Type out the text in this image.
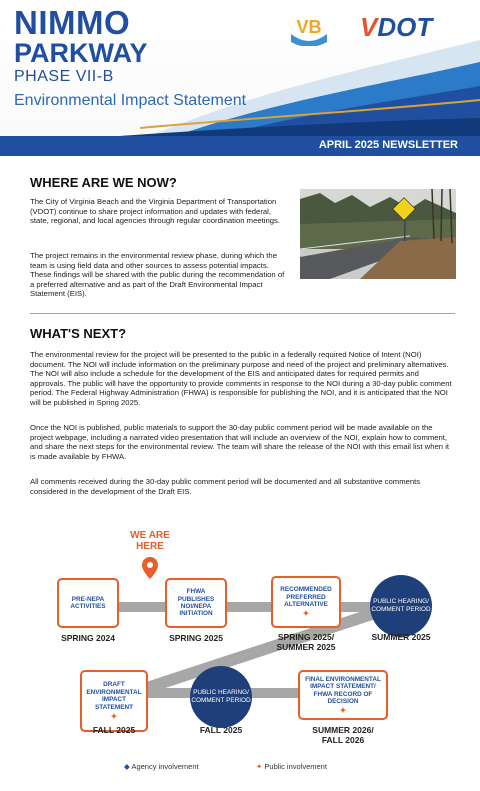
NIMMO
PARKWAY
PHASE VII-B
Environmental Impact Statement
VB VDOT
APRIL 2025 NEWSLETTER
WHERE ARE WE NOW?

The City of Virginia Beach and the Virginia Department of Transportation (VDOT) continue to share project information and updates with federal, state, regional, and local agencies through regular coordination meetings.

The project remains in the environmental review phase, during which the team is using field data and other sources to assess potential impacts. These findings will be shared with the public during the recommendation of a preferred alternative and as part of the Draft Environmental Impact Statement (EIS).

WHAT'S NEXT?

The environmental review for the project will be presented to the public in a federally required Notice of Intent (NOI) document. The NOI will include information on the preliminary purpose and need of the project and preliminary alternatives. The NOI will also include a schedule for the development of the EIS and anticipated dates for required permits and approvals. The public will have the opportunity to provide comments in response to the NOI during a 30-day public comment period. The Federal Highway Administration (FHWA) is responsible for publishing the NOI, and it is anticipated that the NOI will be published in Spring 2025.

Once the NOI is published, public materials to support the 30-day public comment period will be made available on the project webpage, including a narrated video presentation that will include an overview of the NOI, explain how to comment, and share the next steps for the environmental review. The team will share the release of the NOI with this email list when it is made available by FHWA.

All comments received during the 30-day public comment period will be documented and all substantive comments considered in the development of the Draft EIS.

WE ARE
HERE
PRE-NEPA
ACTIVITIES
SPRING 2024
FHWA
PUBLISHES
NOI/NEPA
INITIATION
SPRING 2025
RECOMMENDED
PREFERRED
ALTERNATIVE
✦
SPRING 2025/
SUMMER 2025
PUBLIC HEARING/
COMMENT PERIOD
SUMMER 2025
DRAFT
ENVIRONMENTAL
IMPACT
STATEMENT
✦
FALL 2025
PUBLIC HEARING/
COMMENT PERIOD
FALL 2025
FINAL ENVIRONMENTAL
IMPACT STATEMENT/
FHWA RECORD OF
DECISION
✦
SUMMER 2026/
FALL 2026
◆ Agency involvement	✦ Public involvement
